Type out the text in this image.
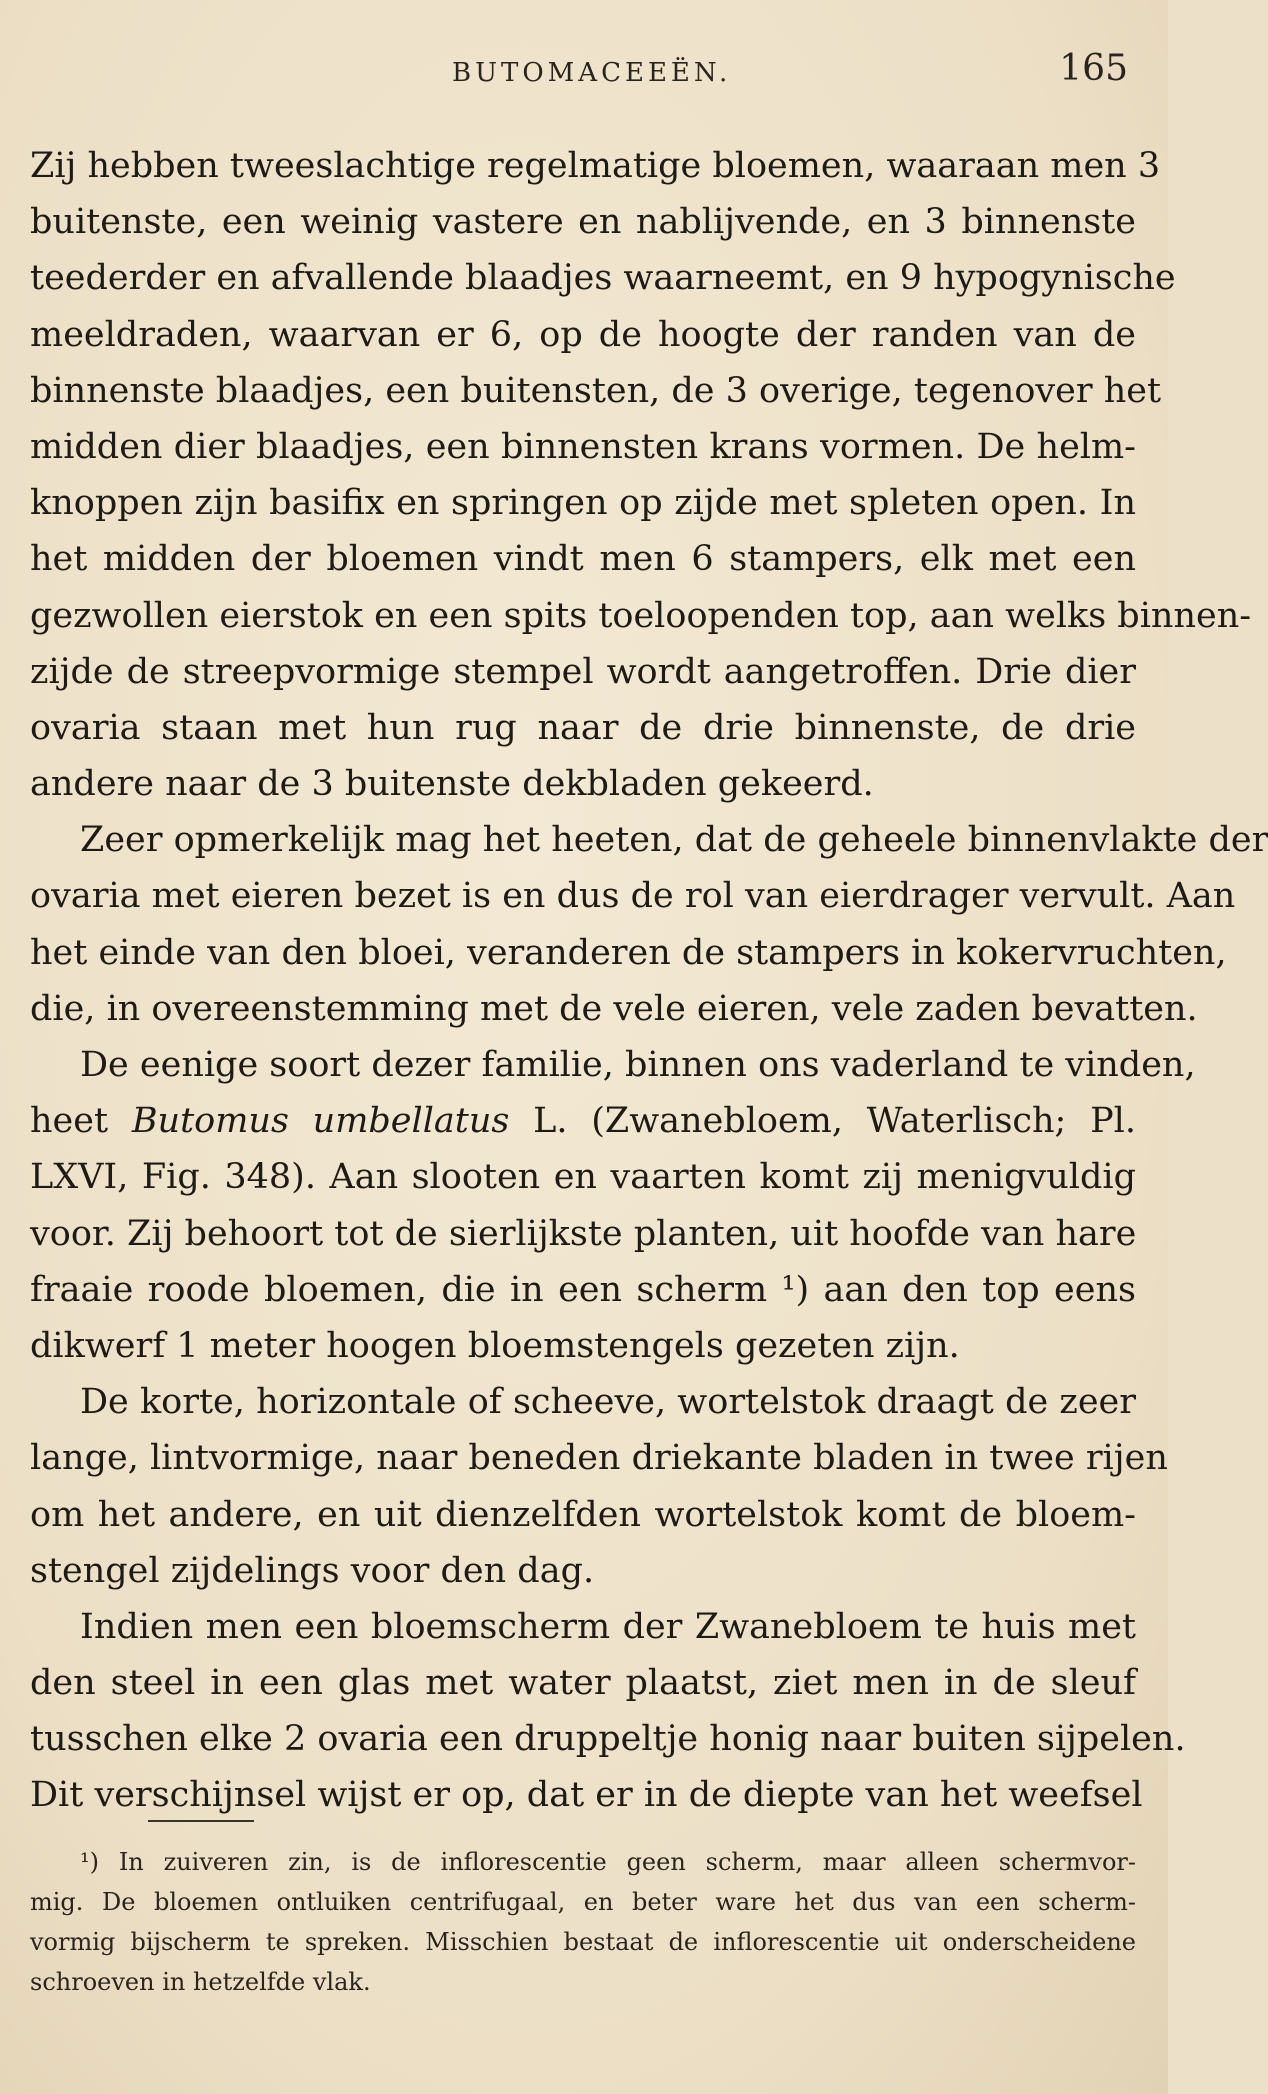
BUTOMACEEËN.	165
Zij hebben tweeslachtige regelmatige bloemen, waaraan men 3
buitenste, een weinig vastere en nablijvende, en 3 binnenste
teederder en afvallende blaadjes waarneemt, en 9 hypogynische
meeldraden, waarvan er 6, op de hoogte der randen van de
binnenste blaadjes, een buitensten, de 3 overige, tegenover het
midden dier blaadjes, een binnensten krans vormen. De helm-
knoppen zijn basifix en springen op zijde met spleten open. In
het midden der bloemen vindt men 6 stampers, elk met een
gezwollen eierstok en een spits toeloopenden top, aan welks binnen-
zijde de streepvormige stempel wordt aangetroffen. Drie dier
ovaria staan met hun rug naar de drie binnenste, de drie
andere naar de 3 buitenste dekbladen gekeerd.
Zeer opmerkelijk mag het heeten, dat de geheele binnenvlakte der
ovaria met eieren bezet is en dus de rol van eierdrager vervult. Aan
het einde van den bloei, veranderen de stampers in kokervruchten,
die, in overeenstemming met de vele eieren, vele zaden bevatten.
De eenige soort dezer familie, binnen ons vaderland te vinden,
heet Butomus umbellatus L. (Zwanebloem, Waterlisch; Pl.
LXVI, Fig. 348). Aan slooten en vaarten komt zij menigvuldig
voor. Zij behoort tot de sierlijkste planten, uit hoofde van hare
fraaie roode bloemen, die in een scherm ¹) aan den top eens
dikwerf 1 meter hoogen bloemstengels gezeten zijn.
De korte, horizontale of scheeve, wortelstok draagt de zeer
lange, lintvormige, naar beneden driekante bladen in twee rijen
om het andere, en uit dienzelfden wortelstok komt de bloem-
stengel zijdelings voor den dag.
Indien men een bloemscherm der Zwanebloem te huis met
den steel in een glas met water plaatst, ziet men in de sleuf
tusschen elke 2 ovaria een druppeltje honig naar buiten sijpelen.
Dit verschijnsel wijst er op, dat er in de diepte van het weefsel
¹) In zuiveren zin, is de inflorescentie geen scherm, maar alleen schermvor-
mig. De bloemen ontluiken centrifugaal, en beter ware het dus van een scherm-
vormig bijscherm te spreken. Misschien bestaat de inflorescentie uit onderscheidene
schroeven in hetzelfde vlak.
